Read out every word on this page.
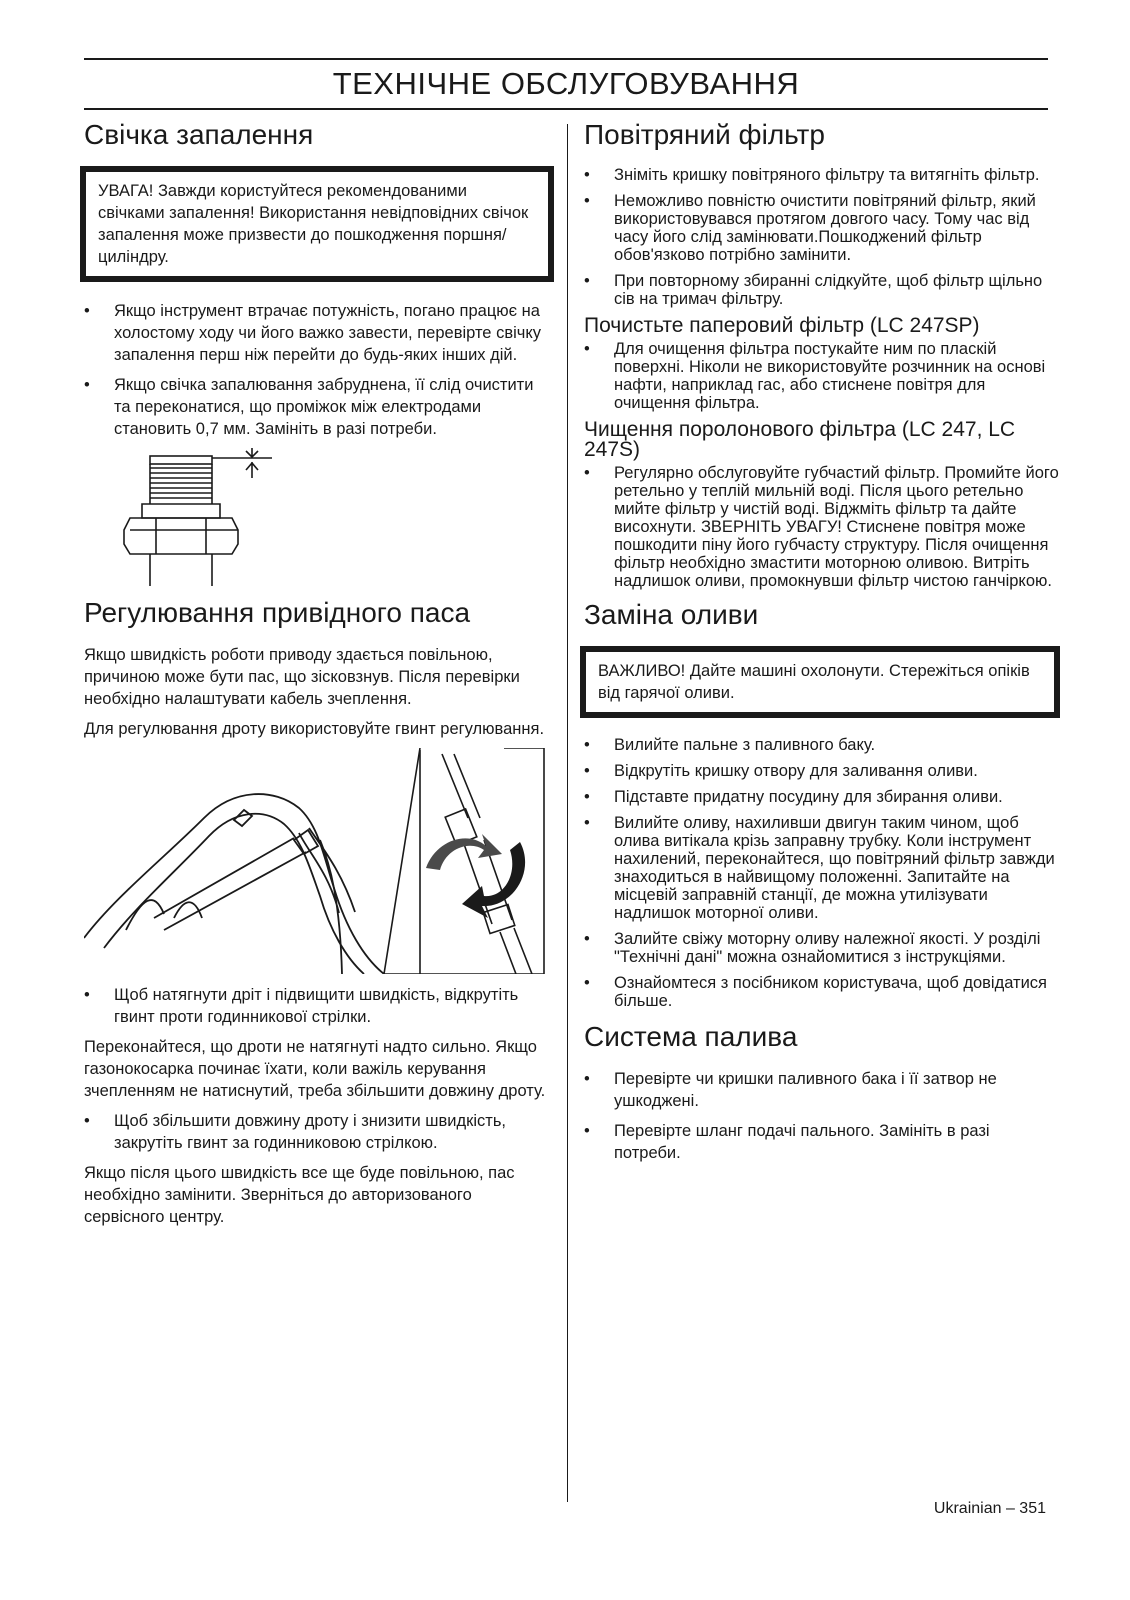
ТЕХНІЧНЕ ОБСЛУГОВУВАННЯ
Свічка запалення
УВАГА! Завжди користуйтеся рекомендованими свічками запалення! Використання невідповідних свічок запалення може призвести до пошкодження поршня/ циліндру.
• Якщо інструмент втрачає потужність, погано працює на холостому ходу чи його важко завести, перевірте свічку запалення перш ніж перейти до будь-яких інших дій.
• Якщо свічка запалювання забруднена, її слід очистити та переконатися, що проміжок між електродами становить 0,7 мм. Замініть в разі потреби.
Регулювання привідного паса

Якщо швидкість роботи приводу здається повільною, причиною може бути пас, що зісковзнув. Після перевірки необхідно налаштувати кабель зчеплення.

Для регулювання дроту використовуйте гвинт регулювання.

• Щоб натягнути дріт і підвищити швидкість, відкрутіть гвинт проти годинникової стрілки.

Переконайтеся, що дроти не натягнуті надто сильно. Якщо газонокосарка починає їхати, коли важіль керування зчепленням не натиснутий, треба збільшити довжину дроту.

• Щоб збільшити довжину дроту і знизити швидкість, закрутіть гвинт за годинниковою стрілкою.

Якщо після цього швидкість все ще буде повільною, пас необхідно замінити. Зверніться до авторизованого сервісного центру.

Повітряний фільтр
• Зніміть кришку повітряного фільтру та витягніть фільтр.
• Неможливо повністю очистити повітряний фільтр, який використовувався протягом довгого часу. Тому час від часу його слід замінювати.Пошкоджений фільтр обов'язково потрібно замінити.
• При повторному збиранні слідкуйте, щоб фільтр щільно сів на тримач фільтру.
Почистьте паперовий фільтр (LC 247SP)
• Для очищення фільтра постукайте ним по пласкій поверхні. Ніколи не використовуйте розчинник на основі нафти, наприклад гас, або стиснене повітря для очищення фільтра.
Чищення поролонового фільтра (LC 247, LC 247S)
• Регулярно обслуговуйте губчастий фільтр. Промийте його ретельно у теплій мильній воді. Після цього ретельно мийте фільтр у чистій воді. Віджміть фільтр та дайте висохнути. ЗВЕРНІТЬ УВАГУ! Стиснене повітря може пошкодити піну його губчасту структуру. Після очищення фільтр необхідно змастити моторною оливою. Витріть надлишок оливи, промокнувши фільтр чистою ганчіркою.
Заміна оливи
ВАЖЛИВО! Дайте машині охолонути. Стережіться опіків від гарячої оливи.
• Вилийте пальне з паливного баку.
• Відкрутіть кришку отвору для заливання оливи.
• Підставте придатну посудину для збирання оливи.
• Вилийте оливу, нахиливши двигун таким чином, щоб олива витікала крізь заправну трубку. Коли інструмент нахилений, переконайтеся, що повітряний фільтр завжди знаходиться в найвищому положенні. Запитайте на місцевій заправній станції, де можна утилізувати надлишок моторної оливи.
• Залийте свіжу моторну оливу належної якості. У розділі "Технічні дані" можна ознайомитися з інструкціями.
• Ознайомтеся з посібником користувача, щоб довідатися більше.
Система палива
• Перевірте чи кришки паливного бака і її затвор не ушкоджені.
• Перевірте шланг подачі пального. Замініть в разі потреби.
Ukrainian – 351
